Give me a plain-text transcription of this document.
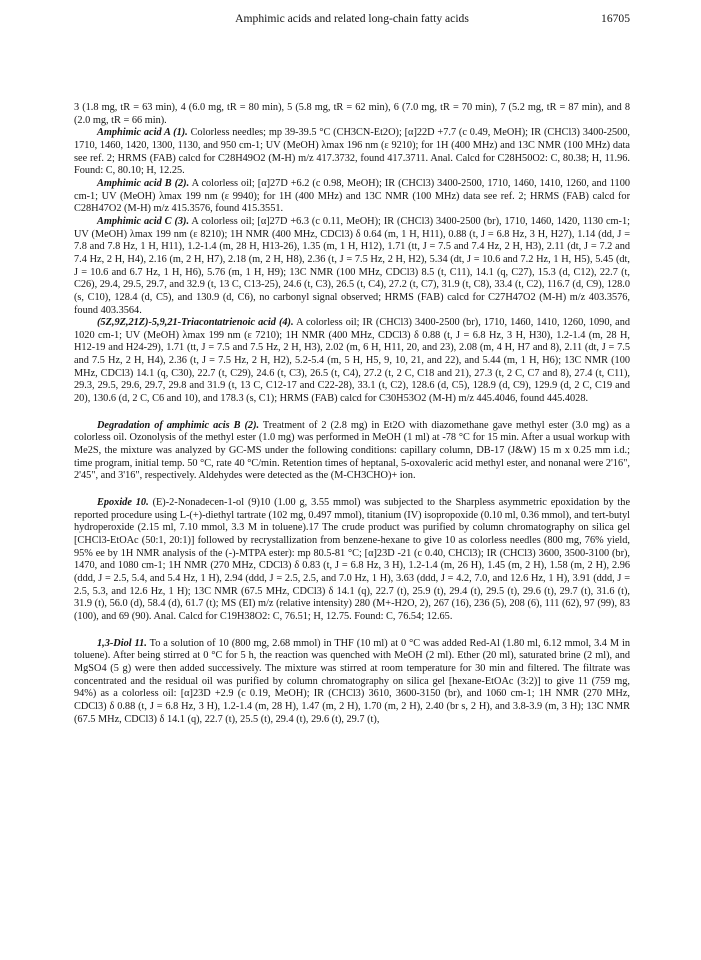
Amphimic acids and related long-chain fatty acids	16705

3 (1.8 mg, tR = 63 min), 4 (6.0 mg, tR = 80 min), 5 (5.8 mg, tR = 62 min), 6 (7.0 mg, tR = 70 min), 7 (5.2 mg, tR = 87 min), and 8 (2.0 mg, tR = 66 min).

Amphimic acid A (1). Colorless needles; mp 39-39.5 °C (CH3CN-Et2O); [α]22D +7.7 (c 0.49, MeOH); IR (CHCl3) 3400-2500, 1710, 1460, 1420, 1300, 1130, and 950 cm-1; UV (MeOH) λmax 196 nm (ε 9210); for 1H (400 MHz) and 13C NMR (100 MHz) data see ref. 2; HRMS (FAB) calcd for C28H49O2 (M-H) m/z 417.3732, found 417.3711. Anal. Calcd for C28H50O2: C, 80.38; H, 11.96. Found: C, 80.10; H, 12.25.

Amphimic acid B (2). A colorless oil; [α]27D +6.2 (c 0.98, MeOH); IR (CHCl3) 3400-2500, 1710, 1460, 1410, 1260, and 1100 cm-1; UV (MeOH) λmax 199 nm (ε 9940); for 1H (400 MHz) and 13C NMR (100 MHz) data see ref. 2; HRMS (FAB) calcd for C28H47O2 (M-H) m/z 415.3576, found 415.3551.

Amphimic acid C (3). A colorless oil; [α]27D +6.3 (c 0.11, MeOH); IR (CHCl3) 3400-2500 (br), 1710, 1460, 1420, 1130 cm-1; UV (MeOH) λmax 199 nm (ε 8210); 1H NMR (400 MHz, CDCl3) δ 0.64 (m, 1 H, H11), 0.88 (t, J = 6.8 Hz, 3 H, H27), 1.14 (dd, J = 7.8 and 7.8 Hz, 1 H, H11), 1.2-1.4 (m, 28 H, H13-26), 1.35 (m, 1 H, H12), 1.71 (tt, J = 7.5 and 7.4 Hz, 2 H, H3), 2.11 (dt, J = 7.2 and 7.4 Hz, 2 H, H4), 2.16 (m, 2 H, H7), 2.18 (m, 2 H, H8), 2.36 (t, J = 7.5 Hz, 2 H, H2), 5.34 (dt, J = 10.6 and 7.2 Hz, 1 H, H5), 5.45 (dt, J = 10.6 and 6.7 Hz, 1 H, H6), 5.76 (m, 1 H, H9); 13C NMR (100 MHz, CDCl3) 8.5 (t, C11), 14.1 (q, C27), 15.3 (d, C12), 22.7 (t, C26), 29.4, 29.5, 29.7, and 32.9 (t, 13 C, C13-25), 24.6 (t, C3), 26.5 (t, C4), 27.2 (t, C7), 31.9 (t, C8), 33.4 (t, C2), 116.7 (d, C9), 128.0 (s, C10), 128.4 (d, C5), and 130.9 (d, C6), no carbonyl signal observed; HRMS (FAB) calcd for C27H47O2 (M-H) m/z 403.3576, found 403.3564.

(5Z,9Z,21Z)-5,9,21-Triacontatrienoic acid (4). A colorless oil; IR (CHCl3) 3400-2500 (br), 1710, 1460, 1410, 1260, 1090, and 1020 cm-1; UV (MeOH) λmax 199 nm (ε 7210); 1H NMR (400 MHz, CDCl3) δ 0.88 (t, J = 6.8 Hz, 3 H, H30), 1.2-1.4 (m, 28 H, H12-19 and H24-29), 1.71 (tt, J = 7.5 and 7.5 Hz, 2 H, H3), 2.02 (m, 6 H, H11, 20, and 23), 2.08 (m, 4 H, H7 and 8), 2.11 (dt, J = 7.5 and 7.5 Hz, 2 H, H4), 2.36 (t, J = 7.5 Hz, 2 H, H2), 5.2-5.4 (m, 5 H, H5, 9, 10, 21, and 22), and 5.44 (m, 1 H, H6); 13C NMR (100 MHz, CDCl3) 14.1 (q, C30), 22.7 (t, C29), 24.6 (t, C3), 26.5 (t, C4), 27.2 (t, 2 C, C18 and 21), 27.3 (t, 2 C, C7 and 8), 27.4 (t, C11), 29.3, 29.5, 29.6, 29.7, 29.8 and 31.9 (t, 13 C, C12-17 and C22-28), 33.1 (t, C2), 128.6 (d, C5), 128.9 (d, C9), 129.9 (d, 2 C, C19 and 20), 130.6 (d, 2 C, C6 and 10), and 178.3 (s, C1); HRMS (FAB) calcd for C30H53O2 (M-H) m/z 445.4046, found 445.4028.

Degradation of amphimic acis B (2). Treatment of 2 (2.8 mg) in Et2O with diazomethane gave methyl ester (3.0 mg) as a colorless oil. Ozonolysis of the methyl ester (1.0 mg) was performed in MeOH (1 ml) at -78 °C for 15 min. After a usual workup with Me2S, the mixture was analyzed by GC-MS under the following conditions: capillary column, DB-17 (J&W) 15 m x 0.25 mm i.d.; time program, initial temp. 50 °C, rate 40 °C/min. Retention times of heptanal, 5-oxovaleric acid methyl ester, and nonanal were 2'16", 2'45", and 3'16", respectively. Aldehydes were detected as the (M-CH3CHO)+ ion.

Epoxide 10. (E)-2-Nonadecen-1-ol (9)10 (1.00 g, 3.55 mmol) was subjected to the Sharpless asymmetric epoxidation by the reported procedure using L-(+)-diethyl tartrate (102 mg, 0.497 mmol), titanium (IV) isopropoxide (0.10 ml, 0.36 mmol), and tert-butyl hydroperoxide (2.15 ml, 7.10 mmol, 3.3 M in toluene).17 The crude product was purified by column chromatography on silica gel [CHCl3-EtOAc (50:1, 20:1)] followed by recrystallization from benzene-hexane to give 10 as colorless needles (800 mg, 76% yield, 95% ee by 1H NMR analysis of the (-)-MTPA ester): mp 80.5-81 °C; [α]23D -21 (c 0.40, CHCl3); IR (CHCl3) 3600, 3500-3100 (br), 1470, and 1080 cm-1; 1H NMR (270 MHz, CDCl3) δ 0.83 (t, J = 6.8 Hz, 3 H), 1.2-1.4 (m, 26 H), 1.45 (m, 2 H), 1.58 (m, 2 H), 2.96 (ddd, J = 2.5, 5.4, and 5.4 Hz, 1 H), 2.94 (ddd, J = 2.5, 2.5, and 7.0 Hz, 1 H), 3.63 (ddd, J = 4.2, 7.0, and 12.6 Hz, 1 H), 3.91 (ddd, J = 2.5, 5.3, and 12.6 Hz, 1 H); 13C NMR (67.5 MHz, CDCl3) δ 14.1 (q), 22.7 (t), 25.9 (t), 29.4 (t), 29.5 (t), 29.6 (t), 29.7 (t), 31.6 (t), 31.9 (t), 56.0 (d), 58.4 (d), 61.7 (t); MS (EI) m/z (relative intensity) 280 (M+-H2O, 2), 267 (16), 236 (5), 208 (6), 111 (62), 97 (99), 83 (100), and 69 (90). Anal. Calcd for C19H38O2: C, 76.51; H, 12.75. Found: C, 76.54; 12.65.

1,3-Diol 11. To a solution of 10 (800 mg, 2.68 mmol) in THF (10 ml) at 0 °C was added Red-Al (1.80 ml, 6.12 mmol, 3.4 M in toluene). After being stirred at 0 °C for 5 h, the reaction was quenched with MeOH (2 ml). Ether (20 ml), saturated brine (2 ml), and MgSO4 (5 g) were then added successively. The mixture was stirred at room temperature for 30 min and filtered. The filtrate was concentrated and the residual oil was purified by column chromatography on silica gel [hexane-EtOAc (3:2)] to give 11 (759 mg, 94%) as a colorless oil: [α]23D +2.9 (c 0.19, MeOH); IR (CHCl3) 3610, 3600-3150 (br), and 1060 cm-1; 1H NMR (270 MHz, CDCl3) δ 0.88 (t, J = 6.8 Hz, 3 H), 1.2-1.4 (m, 28 H), 1.47 (m, 2 H), 1.70 (m, 2 H), 2.40 (br s, 2 H), and 3.8-3.9 (m, 3 H); 13C NMR (67.5 MHz, CDCl3) δ 14.1 (q), 22.7 (t), 25.5 (t), 29.4 (t), 29.6 (t), 29.7 (t),
